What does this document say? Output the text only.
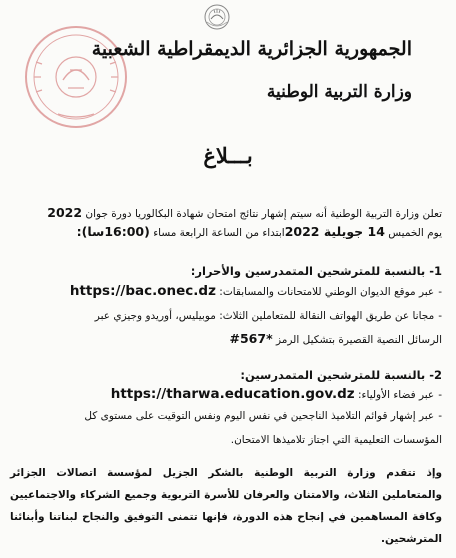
الجمهورية الجزائرية الديمقراطية الشعبية
وزارة التربية الوطنية
بـــلاغ
تعلن وزارة التربية الوطنية أنه سيتم إشهار نتائج امتحان شهادة البكالوريا دورة جوان 2022
يوم الخميس 14 جويلية 2022ابتداء من الساعة الرابعة مساء (16:00سا):
1- بالنسبة للمترشحين المتمدرسين والأحرار:
-عبر موقع الديوان الوطني للامتحانات والمسابقات: https://bac.onec.dz
-مجانا عن طريق الهواتف النقالة للمتعاملين الثلاث: موبيليس، أوريدو وجيزي عبر
الرسائل النصية القصيرة بتشكيل الرمز #567*
2- بالنسبة للمترشحين المتمدرسين:
-عبر فضاء الأولياء: https://tharwa.education.gov.dz
-عبر إشهار قوائم التلاميذ الناجحين في نفس اليوم ونفس التوقيت على مستوى كل
المؤسسات التعليمية التي اجتاز تلاميذها الامتحان.
وإذ تتقدم وزارة التربية الوطنية بالشكر الجزيل لمؤسسة اتصالات الجزائر والمتعاملين الثلاث، والامتنان والعرفان للأسرة التربوية وجميع الشركاء والاجتماعيين وكافة المساهمين في إنجاح هذه الدورة، فإنها تتمنى التوفيق والنجاح لبناتنا وأبنائنا المترشحين.
